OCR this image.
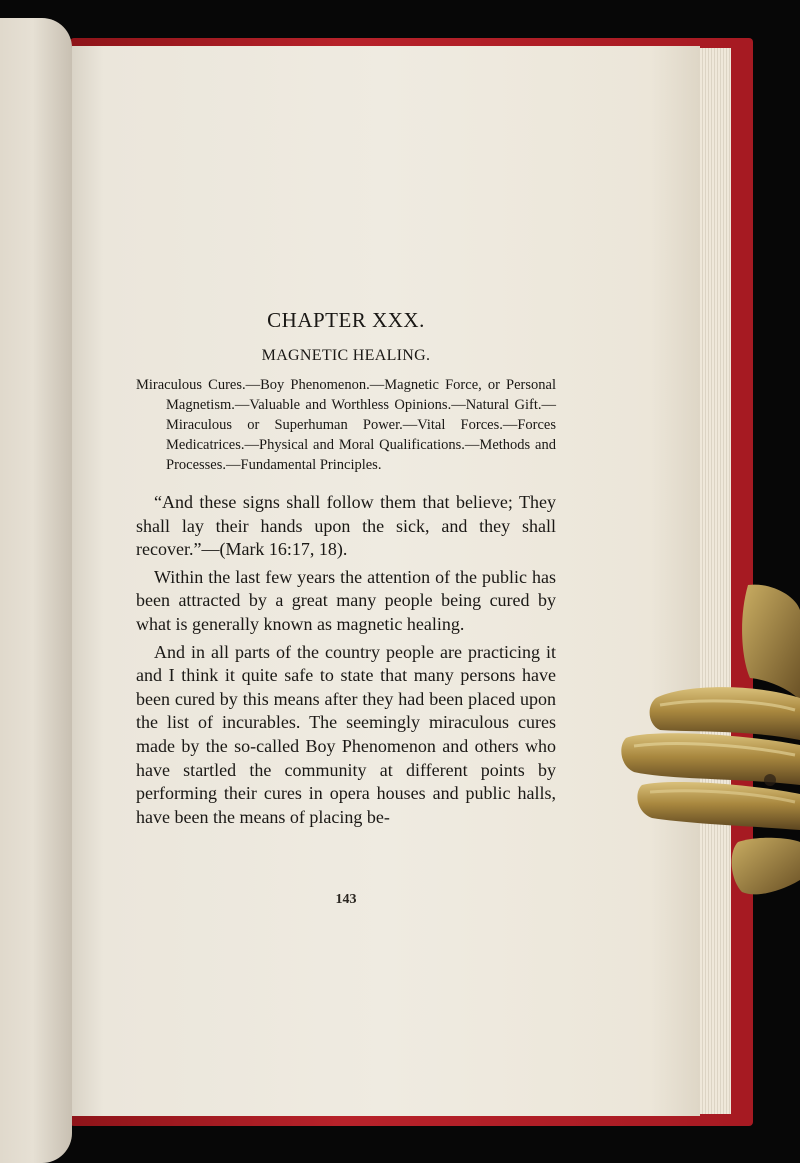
CHAPTER XXX.
MAGNETIC HEALING.
Miraculous Cures.—Boy Phenomenon.—Magnetic Force, or Personal Magnetism.—Valuable and Worthless Opinions.—Natural Gift.—Miraculous or Superhuman Power.—Vital Forces.—Forces Medicatrices.—Physical and Moral Qualifications.—Methods and Processes.—Fundamental Principles.

“And these signs shall follow them that believe; They shall lay their hands upon the sick, and they shall recover.”—(Mark 16:17, 18).

Within the last few years the attention of the public has been attracted by a great many people being cured by what is generally known as magnetic healing.

And in all parts of the country people are practicing it and I think it quite safe to state that many persons have been cured by this means after they had been placed upon the list of incurables. The seemingly miraculous cures made by the so-called Boy Phenomenon and others who have startled the community at different points by performing their cures in opera houses and public halls, have been the means of placing be-

143
